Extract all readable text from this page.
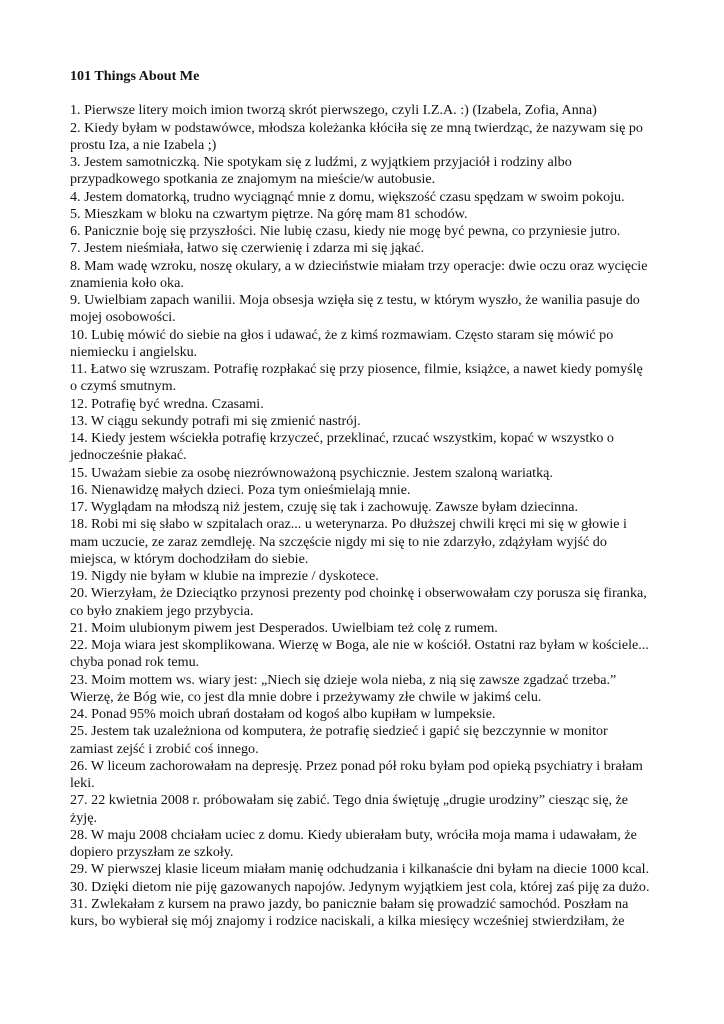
101 Things About Me
1. Pierwsze litery moich imion tworzą skrót pierwszego, czyli I.Z.A. :) (Izabela, Zofia, Anna)
2. Kiedy byłam w podstawówce, młodsza koleżanka kłóciła się ze mną twierdząc, że nazywam się po prostu Iza, a nie Izabela ;)
3. Jestem samotniczką. Nie spotykam się z ludźmi, z wyjątkiem przyjaciół i rodziny albo przypadkowego spotkania ze znajomym na mieście/w autobusie.
4. Jestem domatorką, trudno wyciągnąć mnie z domu, większość czasu spędzam w swoim pokoju.
5. Mieszkam w bloku na czwartym piętrze. Na górę mam 81 schodów.
6. Panicznie boję się przyszłości. Nie lubię czasu, kiedy nie mogę być pewna, co przyniesie jutro.
7. Jestem nieśmiała, łatwo się czerwienię i zdarza mi się jąkać.
8. Mam wadę wzroku, noszę okulary, a w dzieciństwie miałam trzy operacje: dwie oczu oraz wycięcie znamienia koło oka.
9. Uwielbiam zapach wanilii. Moja obsesja wzięła się z testu, w którym wyszło, że wanilia pasuje do mojej osobowości.
10. Lubię mówić do siebie na głos i udawać, że z kimś rozmawiam. Często staram się mówić po niemiecku i angielsku.
11. Łatwo się wzruszam. Potrafię rozpłakać się przy piosence, filmie, książce, a nawet kiedy pomyślę o czymś smutnym.
12. Potrafię być wredna. Czasami.
13. W ciągu sekundy potrafi mi się zmienić nastrój.
14. Kiedy jestem wściekła potrafię krzyczeć, przeklinać, rzucać wszystkim, kopać w wszystko o jednocześnie płakać.
15. Uważam siebie za osobę niezrównoważoną psychicznie. Jestem szaloną wariatką.
16. Nienawidzę małych dzieci. Poza tym onieśmielają mnie.
17. Wyglądam na młodszą niż jestem, czuję się tak i zachowuję. Zawsze byłam dziecinna.
18. Robi mi się słabo w szpitalach oraz... u weterynarza. Po dłuższej chwili kręci mi się w głowie i mam uczucie, ze zaraz zemdleję. Na szczęście nigdy mi się to nie zdarzyło, zdążyłam wyjść do miejsca, w którym dochodziłam do siebie.
19. Nigdy nie byłam w klubie na imprezie / dyskotece.
20. Wierzyłam, że Dzieciątko przynosi prezenty pod choinkę i obserwowałam czy porusza się firanka, co było znakiem jego przybycia.
21. Moim ulubionym piwem jest Desperados. Uwielbiam też colę z rumem.
22. Moja wiara jest skomplikowana. Wierzę w Boga, ale nie w kościół. Ostatni raz byłam w kościele... chyba ponad rok temu.
23. Moim mottem ws. wiary jest: „Niech się dzieje wola nieba, z nią się zawsze zgadzać trzeba.” Wierzę, że Bóg wie, co jest dla mnie dobre i przeżywamy złe chwile w jakimś celu.
24. Ponad 95% moich ubrań dostałam od kogoś albo kupiłam w lumpeksie.
25. Jestem tak uzależniona od komputera, że potrafię siedzieć i gapić się bezczynnie w monitor zamiast zejść i zrobić coś innego.
26. W liceum zachorowałam na depresję. Przez ponad pół roku byłam pod opieką psychiatry i brałam leki.
27. 22 kwietnia 2008 r. próbowałam się zabić. Tego dnia świętuję „drugie urodziny” ciesząc się, że żyję.
28. W maju 2008 chciałam uciec z domu. Kiedy ubierałam buty, wróciła moja mama i udawałam, że dopiero przyszłam ze szkoły.
29. W pierwszej klasie liceum miałam manię odchudzania i kilkanaście dni byłam na diecie 1000 kcal.
30. Dzięki dietom nie piję gazowanych napojów. Jedynym wyjątkiem jest cola, której zaś piję za dużo.
31. Zwlekałam z kursem na prawo jazdy, bo panicznie bałam się prowadzić samochód. Poszłam na kurs, bo wybierał się mój znajomy i rodzice naciskali, a kilka miesięcy wcześniej stwierdziłam, że
